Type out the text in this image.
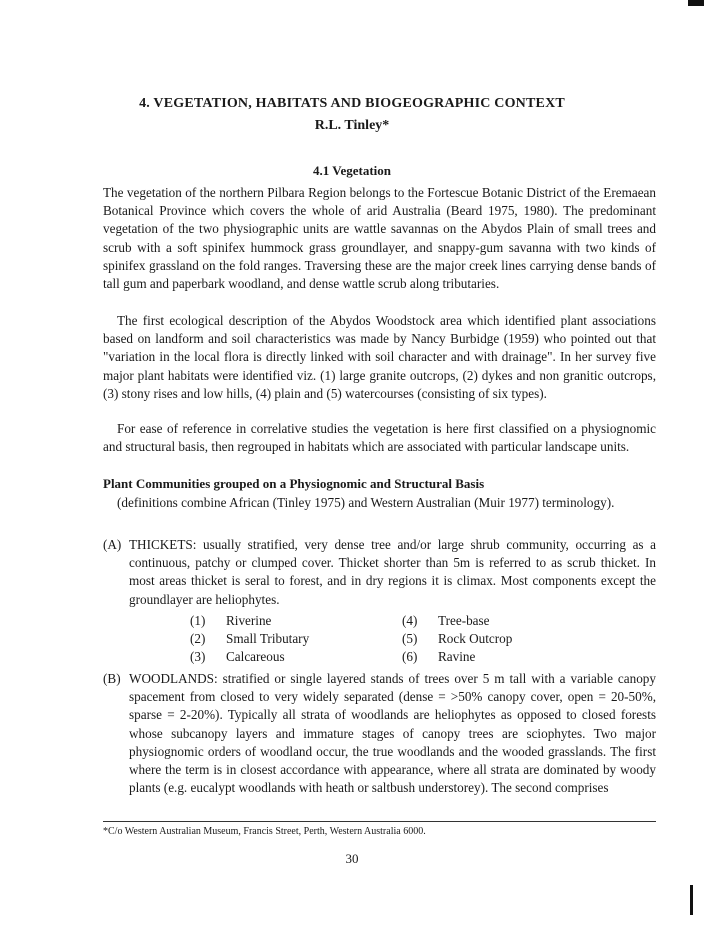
4. VEGETATION, HABITATS AND BIOGEOGRAPHIC CONTEXT
R.L. Tinley*
4.1 Vegetation

The vegetation of the northern Pilbara Region belongs to the Fortescue Botanic District of the Eremaean Botanical Province which covers the whole of arid Australia (Beard 1975, 1980). The predominant vegetation of the two physiographic units are wattle savannas on the Abydos Plain of small trees and scrub with a soft spinifex hummock grass groundlayer, and snappy-gum savanna with two kinds of spinifex grassland on the fold ranges. Traversing these are the major creek lines carrying dense bands of tall gum and paperbark woodland, and dense wattle scrub along tributaries.

The first ecological description of the Abydos Woodstock area which identified plant associations based on landform and soil characteristics was made by Nancy Burbidge (1959) who pointed out that "variation in the local flora is directly linked with soil character and with drainage". In her survey five major plant habitats were identified viz. (1) large granite outcrops, (2) dykes and non granitic outcrops, (3) stony rises and low hills, (4) plain and (5) watercourses (consisting of six types).

For ease of reference in correlative studies the vegetation is here first classified on a physiognomic and structural basis, then regrouped in habitats which are associated with particular landscape units.

Plant Communities grouped on a Physiognomic and Structural Basis
(definitions combine African (Tinley 1975) and Western Australian (Muir 1977) terminology).
(A) THICKETS: usually stratified, very dense tree and/or large shrub community, occurring as a continuous, patchy or clumped cover. Thicket shorter than 5m is referred to as scrub thicket. In most areas thicket is seral to forest, and in dry regions it is climax. Most components except the groundlayer are heliophytes.
(1) Riverine
(2) Small Tributary
(3) Calcareous
(4) Tree-base
(5) Rock Outcrop
(6) Ravine
(B) WOODLANDS: stratified or single layered stands of trees over 5 m tall with a variable canopy spacement from closed to very widely separated (dense = >50% canopy cover, open = 20-50%, sparse = 2-20%). Typically all strata of woodlands are heliophytes as opposed to closed forests whose subcanopy layers and immature stages of canopy trees are sciophytes. Two major physiognomic orders of woodland occur, the true woodlands and the wooded grasslands. The first where the term is in closest accordance with appearance, where all strata are dominated by woody plants (e.g. eucalypt woodlands with heath or saltbush understorey). The second comprises
*C/o Western Australian Museum, Francis Street, Perth, Western Australia 6000.
30
